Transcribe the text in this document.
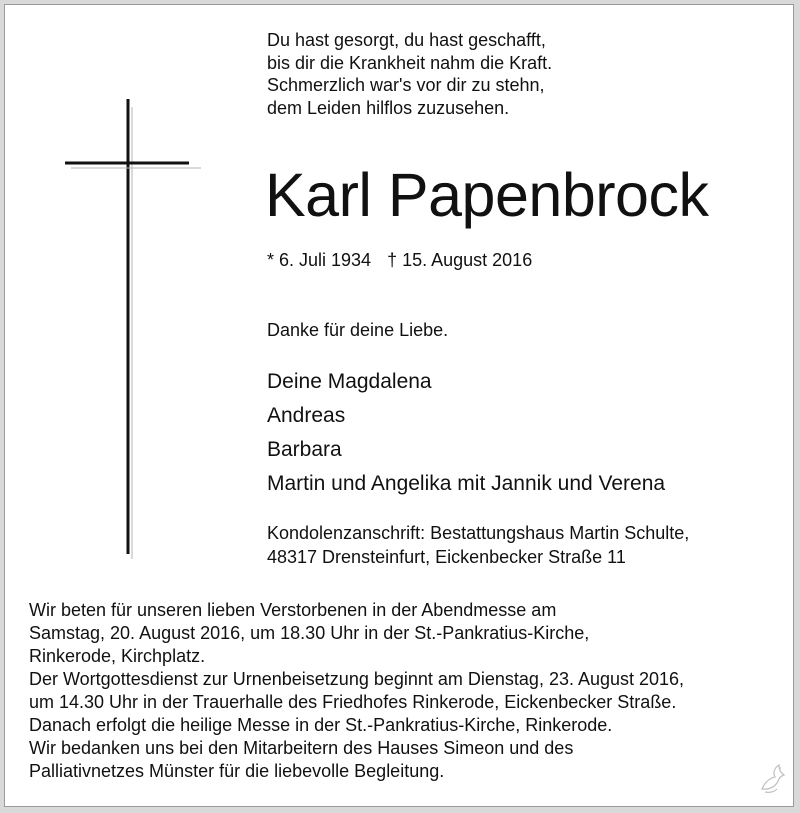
Du hast gesorgt, du hast geschafft,
bis dir die Krankheit nahm die Kraft.
Schmerzlich war's vor dir zu stehn,
dem Leiden hilflos zuzusehen.
Karl Papenbrock
* 6. Juli 1934 † 15. August 2016
Danke für deine Liebe.
Deine Magdalena
Andreas
Barbara
Martin und Angelika mit Jannik und Verena
Kondolenzanschrift: Bestattungshaus Martin Schulte,
48317 Drensteinfurt, Eickenbecker Straße 11
Wir beten für unseren lieben Verstorbenen in der Abendmesse am
Samstag, 20. August 2016, um 18.30 Uhr in der St.-Pankratius-Kirche,
Rinkerode, Kirchplatz.
Der Wortgottesdienst zur Urnenbeisetzung beginnt am Dienstag, 23. August 2016,
um 14.30 Uhr in der Trauerhalle des Friedhofes Rinkerode, Eickenbecker Straße.
Danach erfolgt die heilige Messe in der St.-Pankratius-Kirche, Rinkerode.
Wir bedanken uns bei den Mitarbeitern des Hauses Simeon und des
Palliativnetzes Münster für die liebevolle Begleitung.
